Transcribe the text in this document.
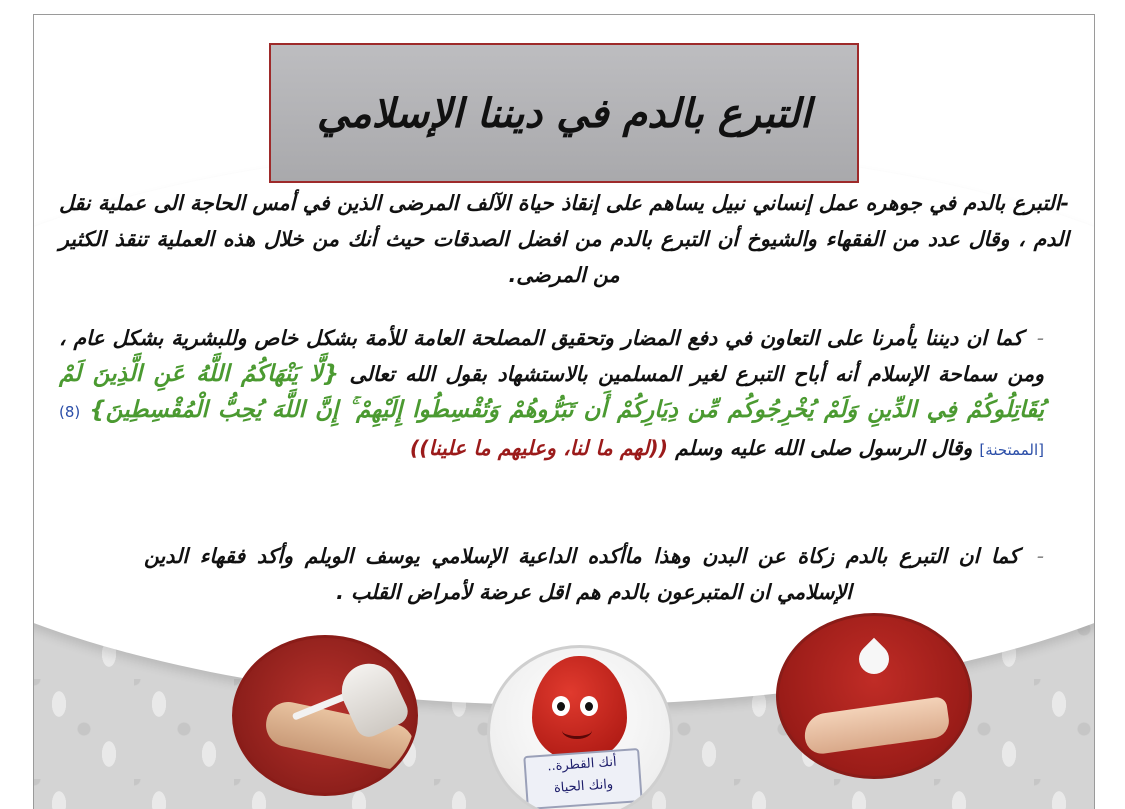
التبرع بالدم في ديننا الإسلامي
-التبرع بالدم في جوهره عمل إنساني نبيل يساهم على إنقاذ حياة الآلف المرضى الذين في أمس الحاجة الى عملية نقل الدم ، وقال عدد من الفقهاء والشيوخ أن التبرع بالدم من افضل الصدقات حيث أنك من خلال هذه العملية تنقذ الكثير من المرضى.
- كما ان ديننا يأمرنا على التعاون في دفع المضار وتحقيق المصلحة العامة للأمة بشكل خاص وللبشرية بشكل عام ، ومن سماحة الإسلام أنه أباح التبرع لغير المسلمين بالاستشهاد بقول الله تعالى {لَّا يَنْهَاكُمُ اللَّهُ عَنِ الَّذِينَ لَمْ يُقَاتِلُوكُمْ فِي الدِّينِ وَلَمْ يُخْرِجُوكُم مِّن دِيَارِكُمْ أَن تَبَرُّوهُمْ وَتُقْسِطُوا إِلَيْهِمْ ۚ إِنَّ اللَّهَ يُحِبُّ الْمُقْسِطِينَ} (8) [الممتحنة] وقال الرسول صلى الله عليه وسلم ((لهم ما لنا، وعليهم ما علينا))
- كما ان التبرع بالدم زكاة عن البدن وهذا ماأكده الداعية الإسلامي يوسف الويلم وأكد فقهاء الدين الإسلامي ان المتبرعون بالدم هم اقل عرضة لأمراض القلب .
أنك القطرة..
وانك الحياة
